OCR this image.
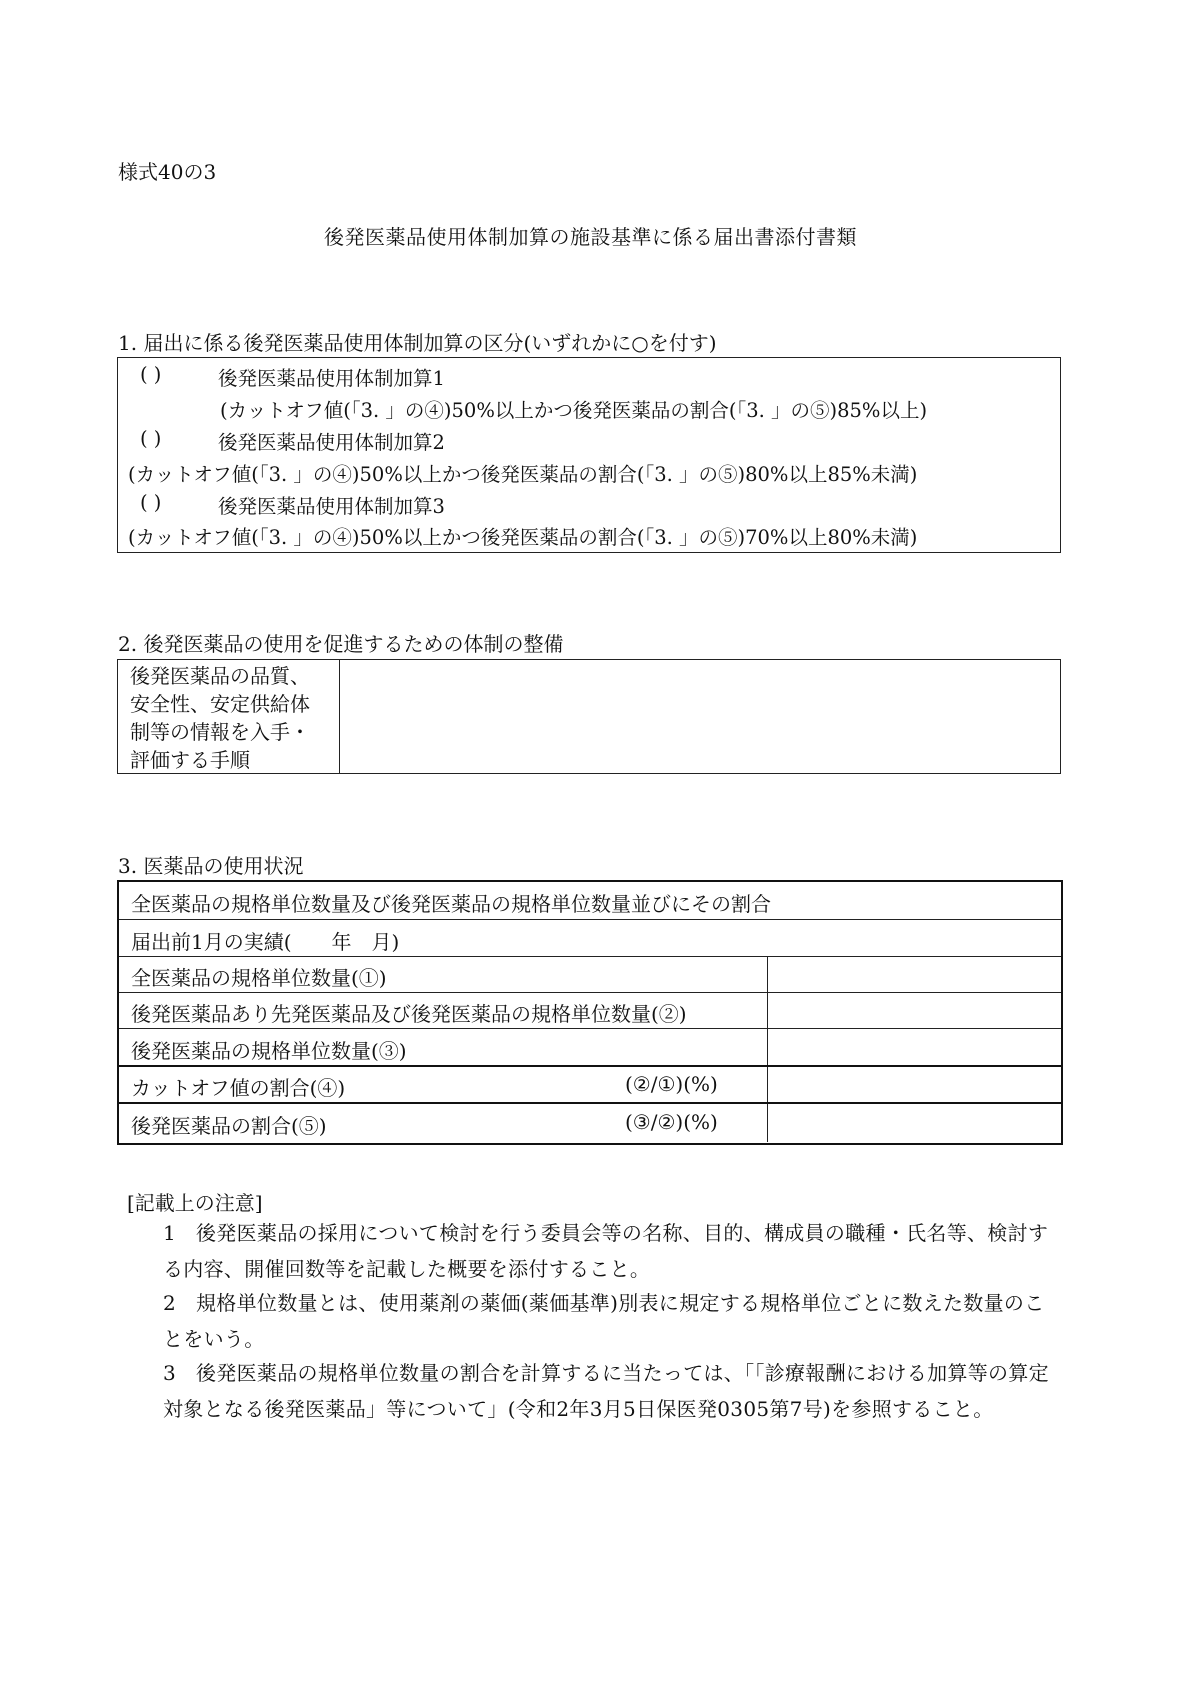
様式40の3
後発医薬品使用体制加算の施設基準に係る届出書添付書類
1. 届出に係る後発医薬品使用体制加算の区分(いずれかに○を付す)
( )	後発医薬品使用体制加算1
(カットオフ値(「3. 」の④)50%以上かつ後発医薬品の割合(「3. 」の⑤)85%以上)
( )	後発医薬品使用体制加算2
(カットオフ値(「3. 」の④)50%以上かつ後発医薬品の割合(「3. 」の⑤)80%以上85%未満)
( )	後発医薬品使用体制加算3
(カットオフ値(「3. 」の④)50%以上かつ後発医薬品の割合(「3. 」の⑤)70%以上80%未満)
2. 後発医薬品の使用を促進するための体制の整備
後発医薬品の品質、
安全性、安定供給体
制等の情報を入手・
評価する手順
3. 医薬品の使用状況
全医薬品の規格単位数量及び後発医薬品の規格単位数量並びにその割合
届出前1月の実績(　　年　月)
全医薬品の規格単位数量(①)
後発医薬品あり先発医薬品及び後発医薬品の規格単位数量(②)
後発医薬品の規格単位数量(③)
カットオフ値の割合(④)	(②/①)(%)
後発医薬品の割合(⑤)	(③/②)(%)
[記載上の注意]
後発医薬品の採用について検討を行う委員会等の名称、目的、構成員の職種・氏名等、検討する内容、開催回数等を記載した概要を添付すること。
1
規格単位数量とは、使用薬剤の薬価(薬価基準)別表に規定する規格単位ごとに数えた数量のことをいう。
2
後発医薬品の規格単位数量の割合を計算するに当たっては、「「診療報酬における加算等の算定対象となる後発医薬品」等について」(令和2年3月5日保医発0305第7号)を参照すること。
3
